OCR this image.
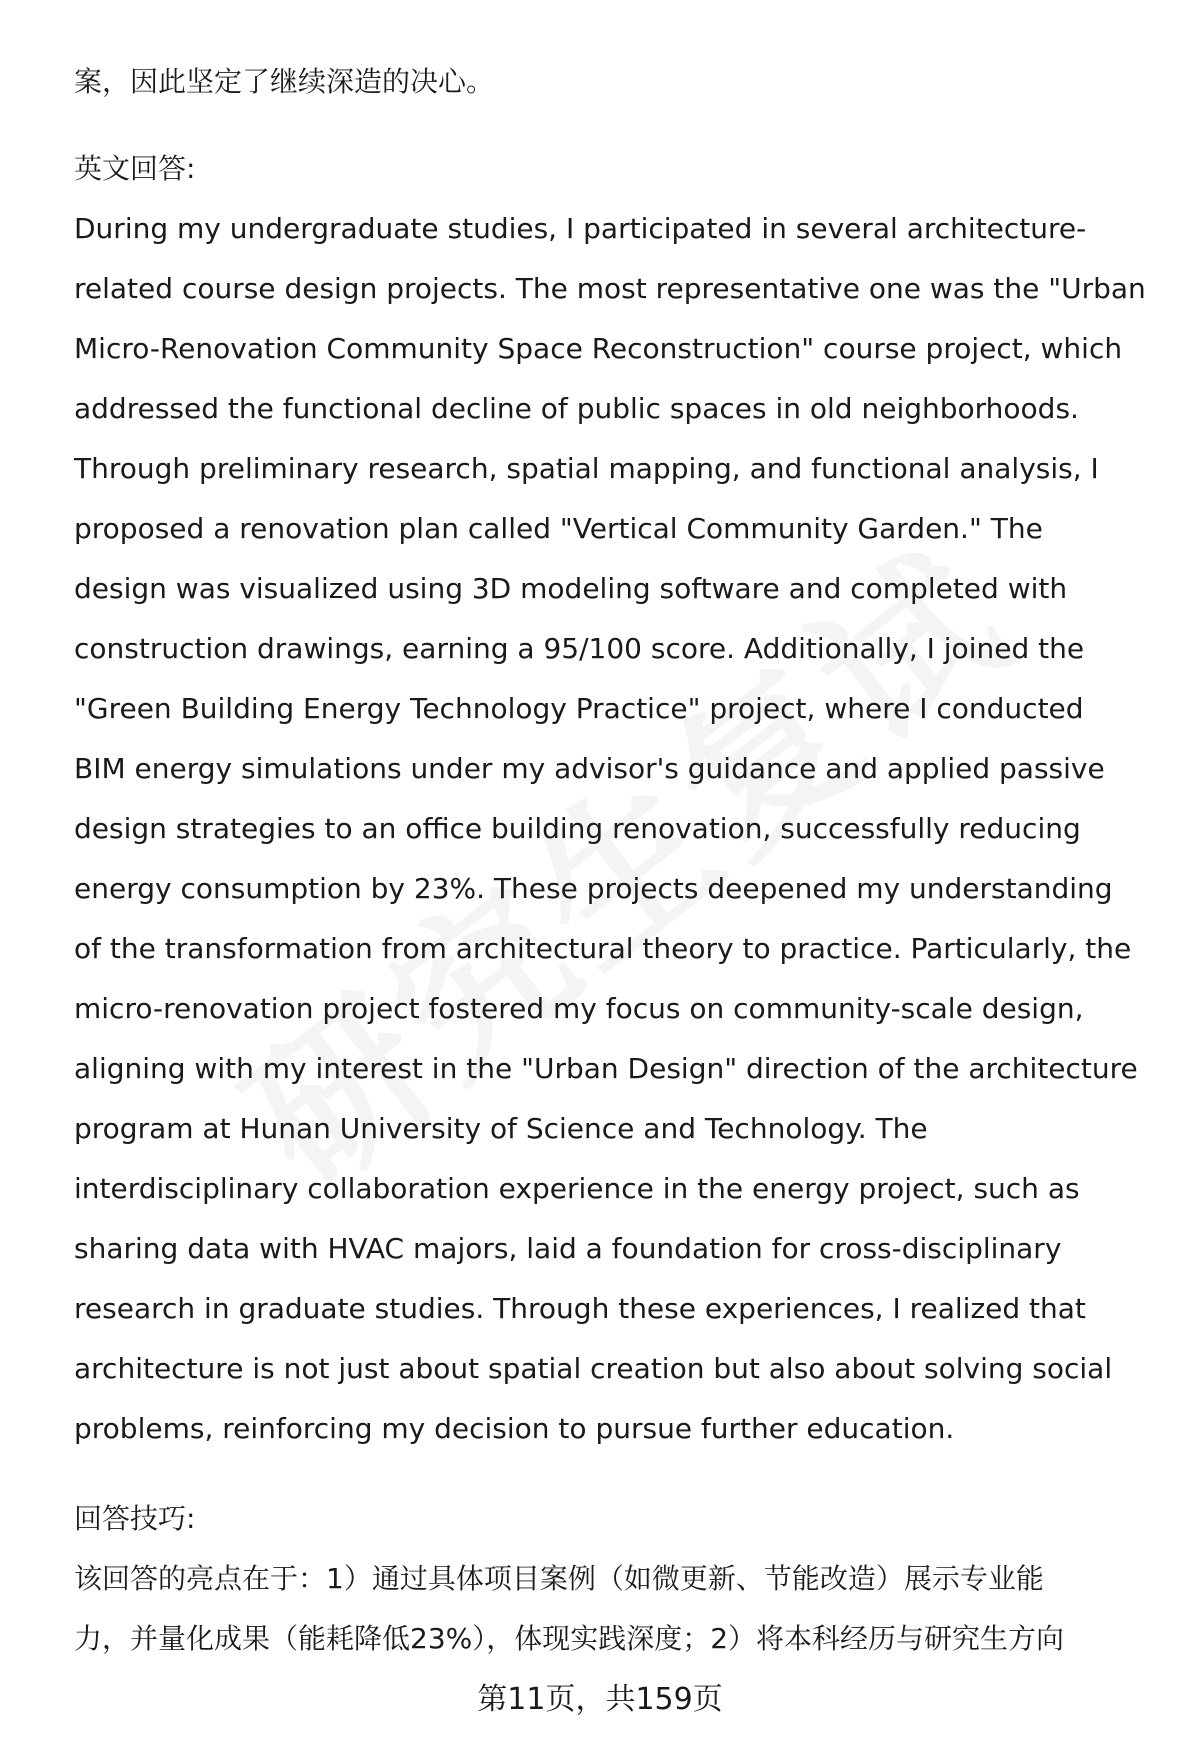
案，因此坚定了继续深造的决心。
英文回答:
During my undergraduate studies, I participated in several architecture-
related course design projects. The most representative one was the "Urban
Micro-Renovation Community Space Reconstruction" course project, which
addressed the functional decline of public spaces in old neighborhoods.
Through preliminary research, spatial mapping, and functional analysis, I
proposed a renovation plan called "Vertical Community Garden." The
design was visualized using 3D modeling software and completed with
construction drawings, earning a 95/100 score. Additionally, I joined the
"Green Building Energy Technology Practice" project, where I conducted
BIM energy simulations under my advisor's guidance and applied passive
design strategies to an office building renovation, successfully reducing
energy consumption by 23%. These projects deepened my understanding
of the transformation from architectural theory to practice. Particularly, the
micro-renovation project fostered my focus on community-scale design,
aligning with my interest in the "Urban Design" direction of the architecture
program at Hunan University of Science and Technology. The
interdisciplinary collaboration experience in the energy project, such as
sharing data with HVAC majors, laid a foundation for cross-disciplinary
research in graduate studies. Through these experiences, I realized that
architecture is not just about spatial creation but also about solving social
problems, reinforcing my decision to pursue further education.
回答技巧:
该回答的亮点在于：1）通过具体项目案例（如微更新、节能改造）展示专业能
力，并量化成果（能耗降低23%），体现实践深度；2）将本科经历与研究生方向
第11页，共159页
